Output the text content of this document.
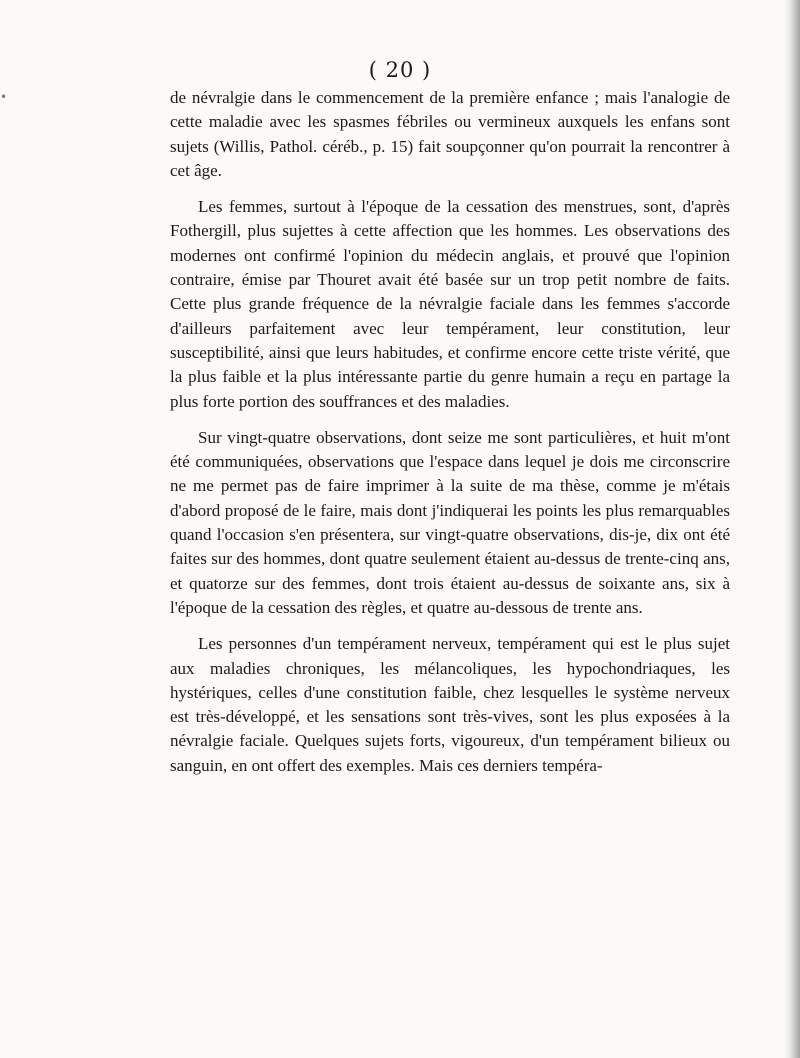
•
( 20 )

de névralgie dans le commencement de la première enfance ; mais l'analogie de cette maladie avec les spasmes fébriles ou vermineux auxquels les enfans sont sujets (Willis, Pathol. céréb., p. 15) fait soupçonner qu'on pourrait la rencontrer à cet âge.

Les femmes, surtout à l'époque de la cessation des menstrues, sont, d'après Fothergill, plus sujettes à cette affection que les hommes. Les observations des modernes ont confirmé l'opinion du médecin anglais, et prouvé que l'opinion contraire, émise par Thouret avait été basée sur un trop petit nombre de faits. Cette plus grande fréquence de la névralgie faciale dans les femmes s'accorde d'ailleurs parfaitement avec leur tempérament, leur constitution, leur susceptibilité, ainsi que leurs habitudes, et confirme encore cette triste vérité, que la plus faible et la plus intéressante partie du genre humain a reçu en partage la plus forte portion des souffrances et des maladies.

Sur vingt-quatre observations, dont seize me sont particulières, et huit m'ont été communiquées, observations que l'espace dans lequel je dois me circonscrire ne me permet pas de faire imprimer à la suite de ma thèse, comme je m'étais d'abord proposé de le faire, mais dont j'indiquerai les points les plus remarquables quand l'occasion s'en présentera, sur vingt-quatre observations, dis-je, dix ont été faites sur des hommes, dont quatre seulement étaient au-dessus de trente-cinq ans, et quatorze sur des femmes, dont trois étaient au-dessus de soixante ans, six à l'époque de la cessation des règles, et quatre au-dessous de trente ans.

Les personnes d'un tempérament nerveux, tempérament qui est le plus sujet aux maladies chroniques, les mélancoliques, les hypochondriaques, les hystériques, celles d'une constitution faible, chez lesquelles le système nerveux est très-développé, et les sensations sont très-vives, sont les plus exposées à la névralgie faciale. Quelques sujets forts, vigoureux, d'un tempérament bilieux ou sanguin, en ont offert des exemples. Mais ces derniers tempéra-
